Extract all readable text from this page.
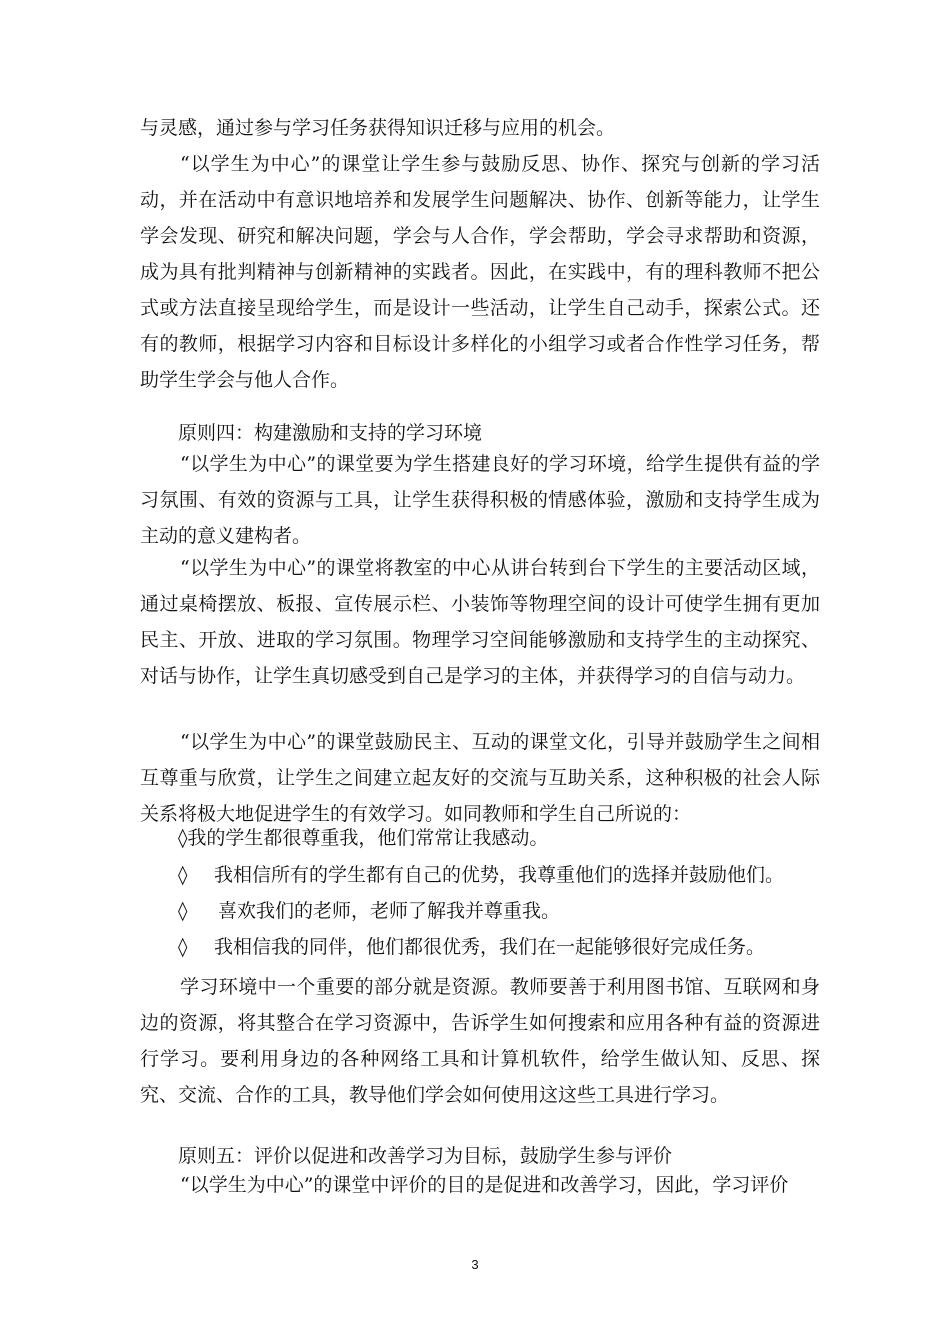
与灵感，通过参与学习任务获得知识迁移与应用的机会。

“以学生为中心”的课堂让学生参与鼓励反思、协作、探究与创新的学习活动，并在活动中有意识地培养和发展学生问题解决、协作、创新等能力，让学生学会发现、研究和解决问题，学会与人合作，学会帮助，学会寻求帮助和资源，成为具有批判精神与创新精神的实践者。因此，在实践中，有的理科教师不把公式或方法直接呈现给学生，而是设计一些活动，让学生自己动手，探索公式。还有的教师，根据学习内容和目标设计多样化的小组学习或者合作性学习任务，帮助学生学会与他人合作。

原则四：构建激励和支持的学习环境

“以学生为中心”的课堂要为学生搭建良好的学习环境，给学生提供有益的学习氛围、有效的资源与工具，让学生获得积极的情感体验，激励和支持学生成为主动的意义建构者。

“以学生为中心”的课堂将教室的中心从讲台转到台下学生的主要活动区域，通过桌椅摆放、板报、宣传展示栏、小装饰等物理空间的设计可使学生拥有更加民主、开放、进取的学习氛围。物理学习空间能够激励和支持学生的主动探究、对话与协作，让学生真切感受到自己是学习的主体，并获得学习的自信与动力。

“以学生为中心”的课堂鼓励民主、互动的课堂文化，引导并鼓励学生之间相互尊重与欣赏，让学生之间建立起友好的交流与互助关系，这种积极的社会人际关系将极大地促进学生的有效学习。如同教师和学生自己所说的：

◊我的学生都很尊重我，他们常常让我感动。

◊ 我相信所有的学生都有自己的优势，我尊重他们的选择并鼓励他们。

◊ 喜欢我们的老师，老师了解我并尊重我。

◊ 我相信我的同伴，他们都很优秀，我们在一起能够很好完成任务。

学习环境中一个重要的部分就是资源。教师要善于利用图书馆、互联网和身边的资源，将其整合在学习资源中，告诉学生如何搜索和应用各种有益的资源进行学习。要利用身边的各种网络工具和计算机软件，给学生做认知、反思、探究、交流、合作的工具，教导他们学会如何使用这这些工具进行学习。

原则五：评价以促进和改善学习为目标，鼓励学生参与评价

“以学生为中心”的课堂中评价的目的是促进和改善学习，因此，学习评价

3
